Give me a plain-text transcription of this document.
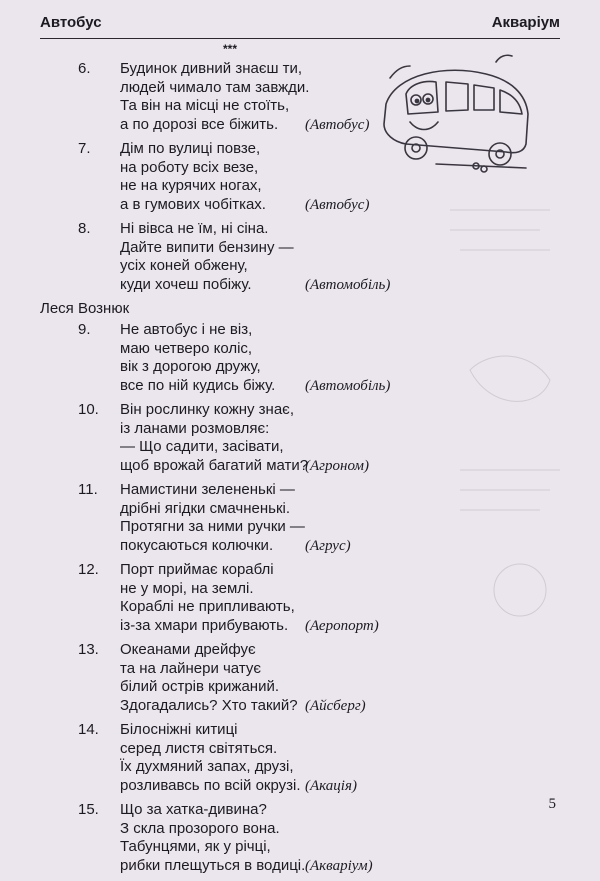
Автобус	Акваріум
***
6. Будинок дивний знаєш ти,
людей чимало там завжди.
Та він на місці не стоїть,
а по дорозі все біжить.	(Автобус)
7. Дім по вулиці повзе,
на роботу всіх везе,
не на курячих ногах,
а в гумових чобітках.	(Автобус)
8. Ні вівса не їм, ні сіна.
Дайте випити бензину —
усіх коней обжену,
куди хочеш побіжу.	(Автомобіль)
Леся Вознюк
9. Не автобус і не віз,
маю четверо коліс,
вік з дорогою дружу,
все по ній кудись біжу.	(Автомобіль)
10. Він рослинку кожну знає,
із ланами розмовляє:
— Що садити, засівати,
щоб врожай багатий мати?
(Агроном)
11. Намистини зелененькі —
дрібні ягідки смачненькі.
Протягни за ними ручки —
покусаються колючки.	(Агрус)
12. Порт приймає кораблі
не у морі, на землі.
Кораблі не припливають,
із-за хмари прибувають.	(Аеропорт)
13. Океанами дрейфує
та на лайнери чатує
білий острів крижаний.
Здогадались? Хто такий? (Айсберг)
14. Білосніжні китиці
серед листя світяться.
Їх духмяний запах, друзі,
розливавсь по всій окрузі. (Акація)
15. Що за хатка-дивина?
З скла прозорого вона.
Табунцями, як у річці,
рибки плещуться в водиці. (Акваріум)
5
